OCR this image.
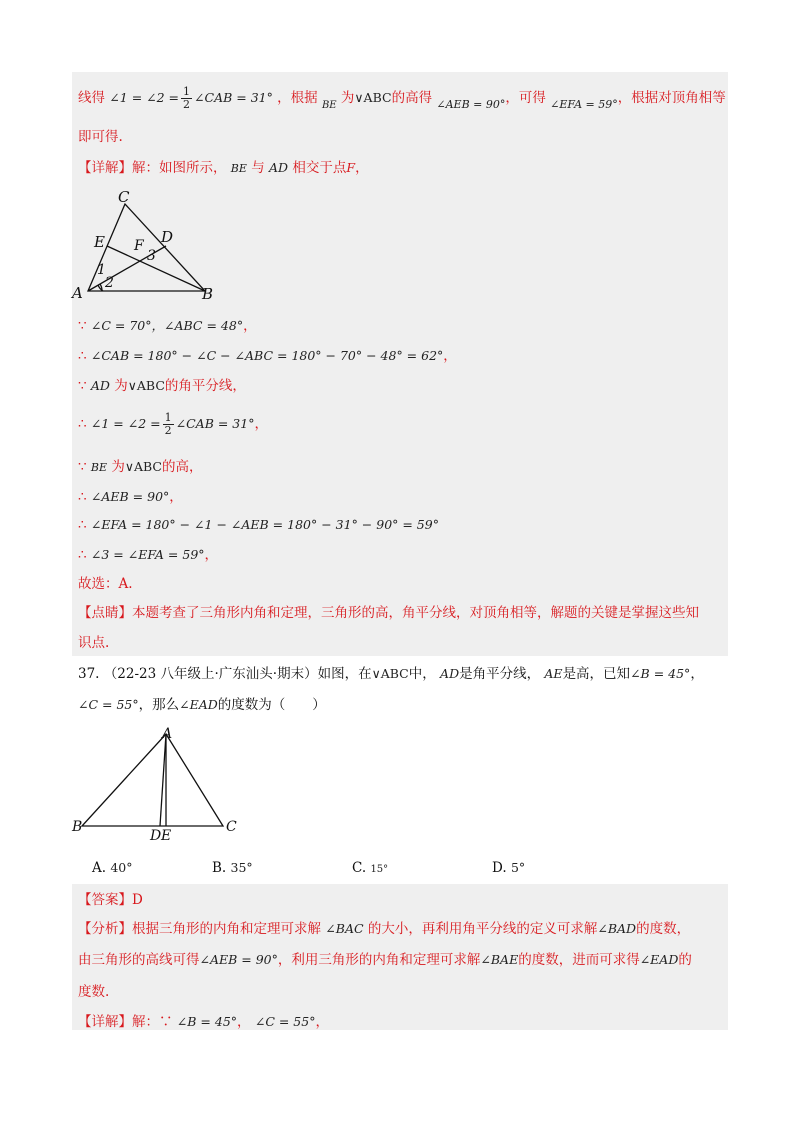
线得 ∠1 = ∠2 = $\frac{1}{2}$ ∠CAB = 31° ，根据 $_{BE}$ 为∨ABC的高得 $_{\angle AEB = 90^\circ}$，可得 $_{\angle EFA = 59^\circ}$，根据对顶角相等
即可得.
【详解】解：如图所示， BE 与 AD 相交于点F，
C
E	D
F
1
2
3
A	B
∵ ∠C = 70°，∠ABC = 48°，
∴ ∠CAB = 180° − ∠C − ∠ABC = 180° − 70° − 48° = 62°，
∵ AD 为∨ABC的角平分线，
∴ ∠1 = ∠2 = $\frac{1}{2}$ ∠CAB = 31°，
∵ BE 为∨ABC的高，
∴ ∠AEB = 90°，
∴ ∠EFA = 180° − ∠1 − ∠AEB = 180° − 31° − 90° = 59°
∴ ∠3 = ∠EFA = 59°，
故选：A.
【点睛】本题考查了三角形内角和定理，三角形的高，角平分线，对顶角相等，解题的关键是掌握这些知
识点.
37. （22-23 八年级上·广东汕头·期末）如图，在∨ABC中， AD是角平分线， AE是高，已知∠B = 45°，
∠C = 55°，那么∠EAD的度数为（　　）
A
B	C
D E
A. 40°	B. 35°	C. 15°	D. 5°
【答案】D
【分析】根据三角形的内角和定理可求解 ∠BAC 的大小，再利用角平分线的定义可求解∠BAD的度数，
由三角形的高线可得∠AEB = 90°，利用三角形的内角和定理可求解∠BAE的度数，进而可求得∠EAD的
度数.
【详解】解：∵ ∠B = 45°， ∠C = 55°，
